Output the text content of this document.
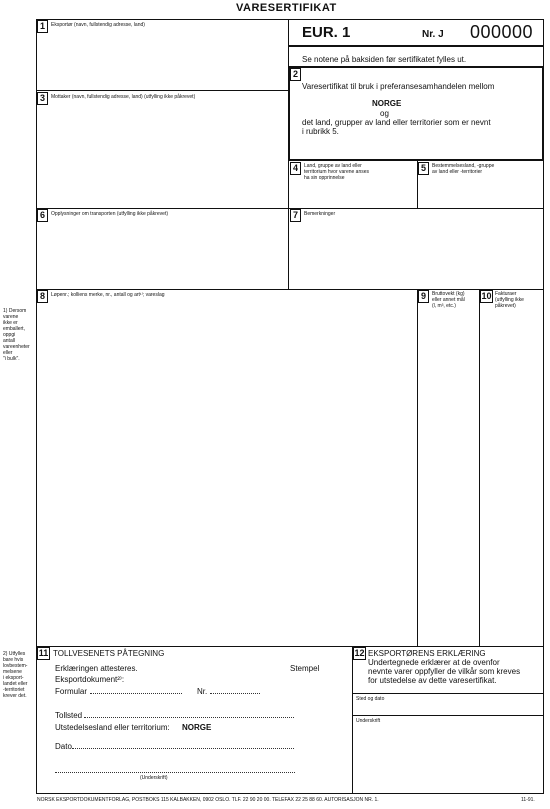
VARESERTIFIKAT
1	Eksportør (navn, fullstendig adresse, land)	EUR. 1	Nr. J 000000
Se notene på baksiden før sertifikatet fylles ut.
2
Varesertifikat til bruk i preferansesamhandelen mellom
NORGE
og
det land, grupper av land eller territorier som er nevnt
i rubrikk 5.
3	Mottaker (navn, fullstendig adresse, land) (utfylling ikke påkrevet)
4	Land, gruppe av land eller
territorium hvor varene anses
ha sin opprinnelse
5	Bestemmelsesland, -gruppe
av land eller -territorier
6	Opplysninger om transporten (utfylling ikke påkrevet)	7	Bemerkninger
8	Løpenr.; kolliens merke, nr., antall og art¹⁾; vareslag	9	Bruttovekt (kg)
eller annet mål
(l, m³, etc.)
10 Fakturaer
(utfylling ikke
påkrevet)
1) Dersom
varene
ikke er
emballert,
oppgi
antall
vareenheter
eller
"i bulk".
2) Utfylles
bare hvis
lovbestem-
melsene
i eksport-
landet eller
-territoriet
krever det.
11 TOLLVESENETS PÅTEGNING
Erklæringen attesteres.	Stempel
Eksportdokument²⁾:
Formular	Nr.
Tollsted
Utstedelsesland eller territorium: NORGE
Dato
(Underskrift)
12 EKSPORTØRENS ERKLÆRING
Undertegnede erklærer at de ovenfor
nevnte varer oppfyller de vilkår som kreves
for utstedelse av dette varesertifikat.
Sted og dato
Underskrift
NORSK EKSPORTDOKUMENTFORLAG, POSTBOKS 115 KALBAKKEN, 0902 OSLO. TLF. 22 90 20 00. TELEFAX 22 25 88 60. AUTORISASJON NR. 1.	11-91.
